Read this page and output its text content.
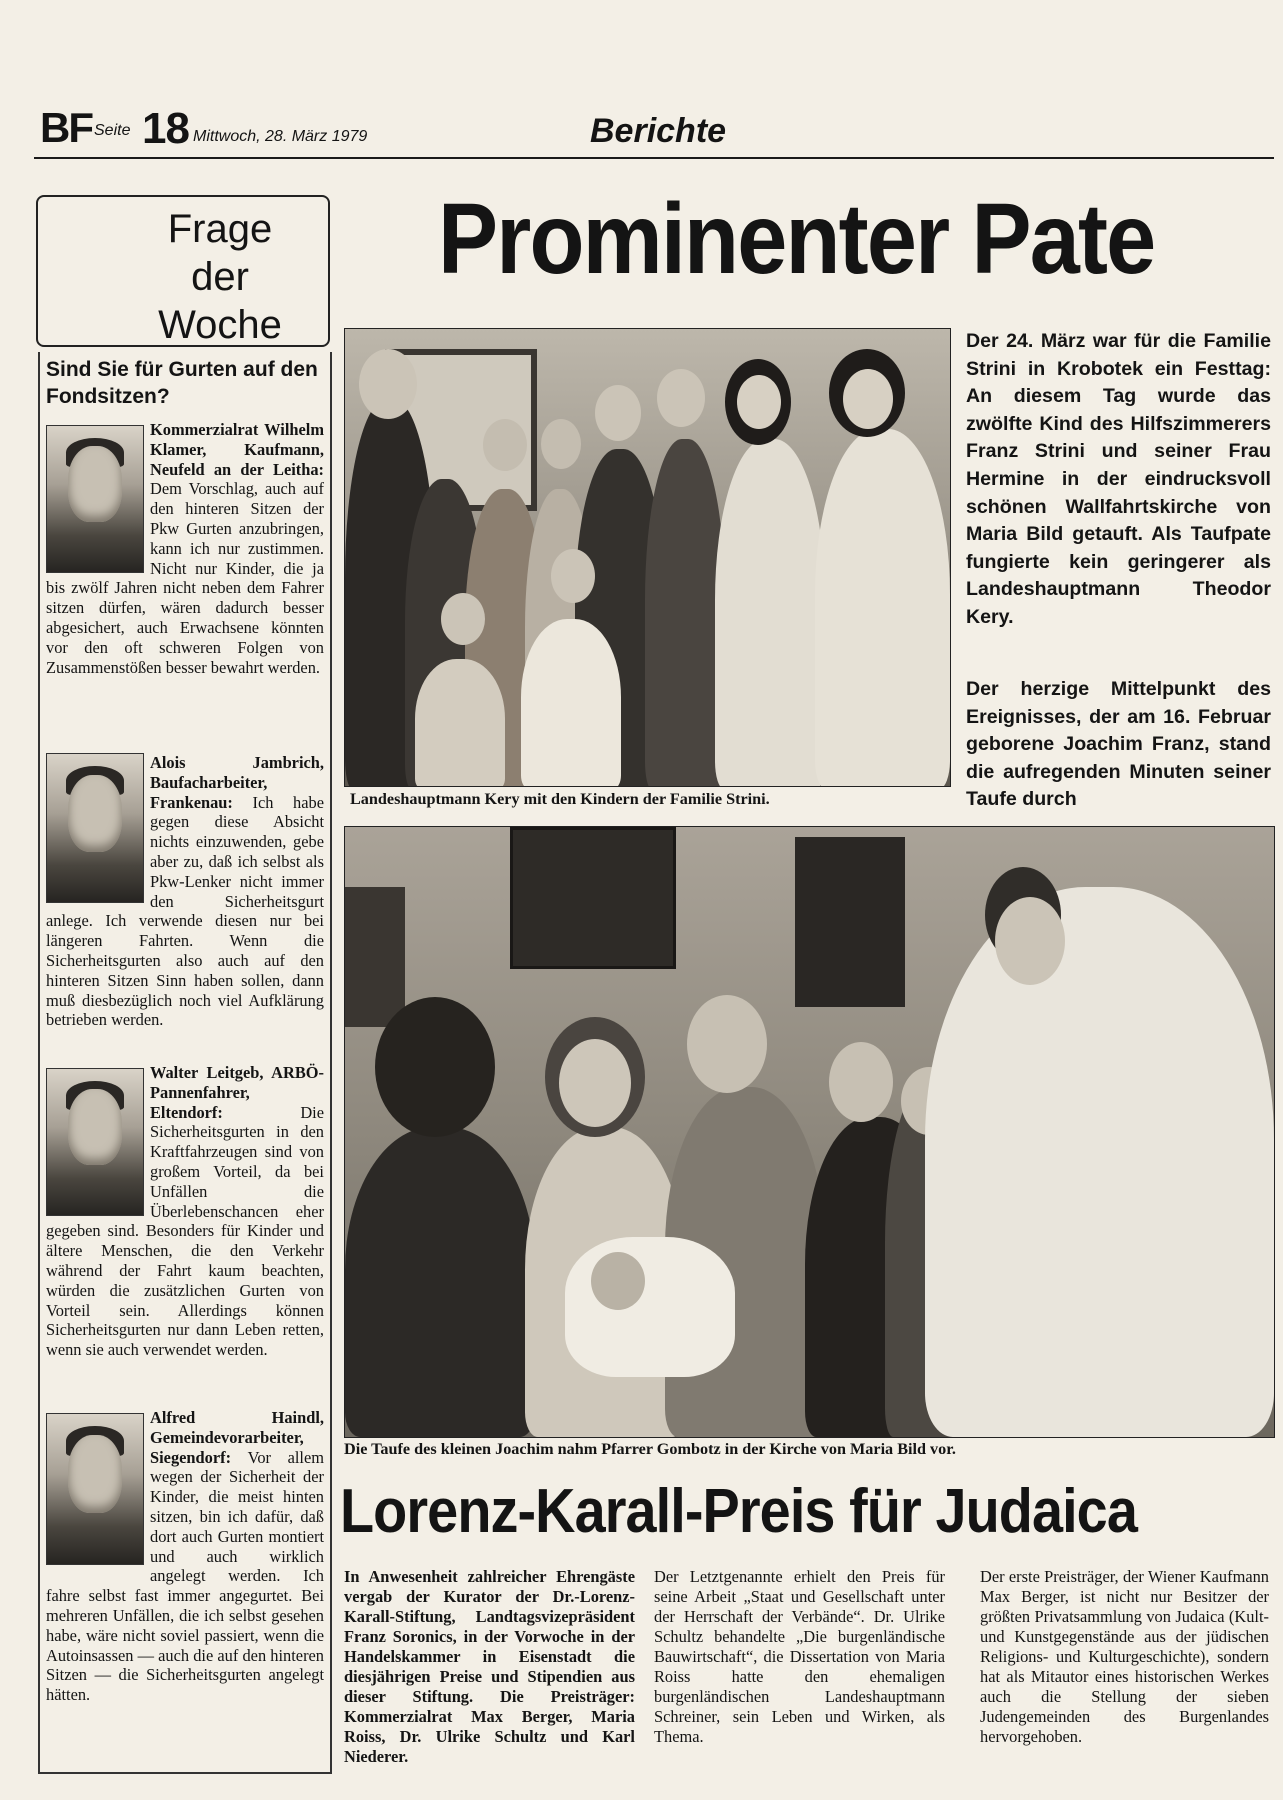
BF Seite 18 Mittwoch, 28. März 1979	Berichte
Frage
der
Woche
Sind Sie für Gurten auf den Fondsitzen?
Kommerzialrat Wilhelm Klamer, Kaufmann, Neufeld an der Leitha: Dem Vorschlag, auch auf den hinteren Sitzen der Pkw Gurten anzubringen, kann ich nur zustimmen. Nicht nur Kinder, die ja bis zwölf Jahren nicht neben dem Fahrer sitzen dürfen, wären dadurch besser abgesichert, auch Erwachsene könnten vor den oft schweren Folgen von Zusammenstößen besser bewahrt werden.
Alois Jambrich, Baufacharbeiter, Frankenau: Ich habe gegen diese Absicht nichts einzuwenden, gebe aber zu, daß ich selbst als Pkw-Lenker nicht immer den Sicherheitsgurt anlege. Ich verwende diesen nur bei längeren Fahrten. Wenn die Sicherheitsgurten also auch auf den hinteren Sitzen Sinn haben sollen, dann muß diesbezüglich noch viel Aufklärung betrieben werden.
Walter Leitgeb, ARBÖ-Pannenfahrer, Eltendorf: Die Sicherheitsgurten in den Kraftfahrzeugen sind von großem Vorteil, da bei Unfällen die Überlebenschancen eher gegeben sind. Besonders für Kinder und ältere Menschen, die den Verkehr während der Fahrt kaum beachten, würden die zusätzlichen Gurten von Vorteil sein. Allerdings können Sicherheitsgurten nur dann Leben retten, wenn sie auch verwendet werden.
Alfred Haindl, Gemeindevorarbeiter, Siegendorf: Vor allem wegen der Sicherheit der Kinder, die meist hinten sitzen, bin ich dafür, daß dort auch Gurten montiert und auch wirklich angelegt werden. Ich fahre selbst fast immer angegurtet. Bei mehreren Unfällen, die ich selbst gesehen habe, wäre nicht soviel passiert, wenn die Autoinsassen — auch die auf den hinteren Sitzen — die Sicherheitsgurten angelegt hätten.
Prominenter Pate
Landeshauptmann Kery mit den Kindern der Familie Strini.
Der 24. März war für die Familie Strini in Krobotek ein Festtag: An diesem Tag wurde das zwölfte Kind des Hilfszimmerers Franz Strini und seiner Frau Hermine in der eindrucksvoll schönen Wallfahrtskirche von Maria Bild getauft. Als Taufpate fungierte kein geringerer als Landeshauptmann Theodor Kery.
Der herzige Mittelpunkt des Ereignisses, der am 16. Februar geborene Joachim Franz, stand die aufregenden Minuten seiner Taufe durch
Die Taufe des kleinen Joachim nahm Pfarrer Gombotz in der Kirche von Maria Bild vor.
Lorenz-Karall-Preis für Judaica
In Anwesenheit zahlreicher Ehrengäste vergab der Kurator der Dr.-Lorenz-Karall-Stiftung, Landtagsvizepräsident Franz Soronics, in der Vorwoche in der Handelskammer in Eisenstadt die diesjährigen Preise und Stipendien aus dieser Stiftung. Die Preisträger: Kommerzialrat Max Berger, Maria Roiss, Dr. Ulrike Schultz und Karl Niederer.
Der Letztgenannte erhielt den Preis für seine Arbeit „Staat und Gesellschaft unter der Herrschaft der Verbände“. Dr. Ulrike Schultz behandelte „Die burgenländische Bauwirtschaft“, die Dissertation von Maria Roiss hatte den ehemaligen burgenländischen Landeshauptmann Schreiner, sein Leben und Wirken, als Thema.
Der erste Preisträger, der Wiener Kaufmann Max Berger, ist nicht nur Besitzer der größten Privatsammlung von Judaica (Kult- und Kunstgegenstände aus der jüdischen Religions- und Kulturgeschichte), sondern hat als Mitautor eines historischen Werkes auch die Stellung der sieben Judengemeinden des Burgenlandes hervorgehoben.
